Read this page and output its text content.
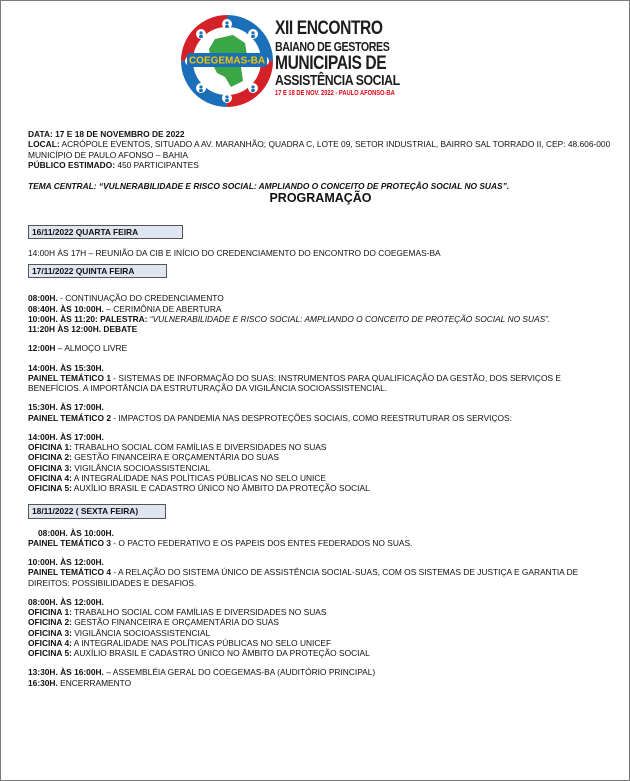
COEGEMAS-BA
XII ENCONTRO
BAIANO DE GESTORES
MUNICIPAIS DE
ASSISTÊNCIA SOCIAL
17 E 18 DE NOV. 2022 - PAULO AFONSO-BA

DATA: 17 E 18 DE NOVEMBRO DE 2022

LOCAL: ACRÓPOLE EVENTOS, SITUADO A AV. MARANHÃO; QUADRA C, LOTE 09, SETOR INDUSTRIAL, BAIRRO SAL TORRADO II, CEP: 48.606-000 MUNICÍPIO DE PAULO AFONSO – BAHIA

PÚBLICO ESTIMADO: 450 PARTICIPANTES

TEMA CENTRAL: “VULNERABILIDADE E RISCO SOCIAL: AMPLIANDO O CONCEITO DE PROTEÇÃO SOCIAL NO SUAS”.

PROGRAMAÇÃO
16/11/2022 QUARTA FEIRA

14:00H ÀS 17H – REUNIÃO DA CIB E INÍCIO DO CREDENCIAMENTO DO ENCONTRO DO COEGEMAS-BA

17/11/2022 QUINTA FEIRA

08:00H. - CONTINUAÇÃO DO CREDENCIAMENTO

08:40H. ÀS 10:00H. – CERIMÔNIA DE ABERTURA

10:00H. ÀS 11:20: PALESTRA: “VULNERABILIDADE E RISCO SOCIAL: AMPLIANDO O CONCEITO DE PROTEÇÃO SOCIAL NO SUAS”.

11:20H ÀS 12:00H. DEBATE

12:00H – ALMOÇO LIVRE

14:00H. ÀS 15:30H.

PAINEL TEMÁTICO 1 - SISTEMAS DE INFORMAÇÃO DO SUAS: INSTRUMENTOS PARA QUALIFICAÇÃO DA GESTÃO, DOS SERVIÇOS E BENEFÍCIOS. A IMPORTÂNCIA DA ESTRUTURAÇÃO DA VIGILÂNCIA SOCIOASSISTENCIAL.

15:30H. ÀS 17:00H.

PAINEL TEMÁTICO 2 - IMPACTOS DA PANDEMIA NAS DESPROTEÇÕES SOCIAIS, COMO REESTRUTURAR OS SERVIÇOS:

14:00H. ÀS 17:00H.

OFICINA 1: TRABALHO SOCIAL COM FAMÍLIAS E DIVERSIDADES NO SUAS

OFICINA 2: GESTÃO FINANCEIRA E ORÇAMENTÁRIA DO SUAS

OFICINA 3: VIGILÂNCIA SOCIOASSISTENCIAL

OFICINA 4: A INTEGRALIDADE NAS POLÍTICAS PÚBLICAS NO SELO UNICE

OFICINA 5: AUXÍLIO BRASIL E CADASTRO ÚNICO NO ÂMBITO DA PROTEÇÃO SOCIAL

18/11/2022 ( SEXTA FEIRA)

08:00H. ÀS 10:00H.

PAINEL TEMÁTICO 3 - O PACTO FEDERATIVO E OS PAPEIS DOS ENTES FEDERADOS NO SUAS.

10:00H. ÀS 12:00H.

PAINEL TEMÁTICO 4 - A RELAÇÃO DO SISTEMA ÚNICO DE ASSISTÊNCIA SOCIAL-SUAS, COM OS SISTEMAS DE JUSTIÇA E GARANTIA DE DIREITOS: POSSIBILIDADES E DESAFIOS.

08:00H. ÀS 12:00H.

OFICINA 1: TRABALHO SOCIAL COM FAMÍLIAS E DIVERSIDADES NO SUAS

OFICINA 2: GESTÃO FINANCEIRA E ORÇAMENTÁRIA DO SUAS

OFICINA 3: VIGILÂNCIA SOCIOASSISTENCIAL

OFICINA 4: A INTEGRALIDADE NAS POLÍTICAS PÚBLICAS NO SELO UNICEF

OFICINA 5: AUXÍLIO BRASIL E CADASTRO ÚNICO NO ÂMBITO DA PROTEÇÃO SOCIAL

13:30H. ÀS 16:00H. – ASSEMBLÉIA GERAL DO COEGEMAS-BA (AUDITÓRIO PRINCIPAL)

16:30H. ENCERRAMENTO
